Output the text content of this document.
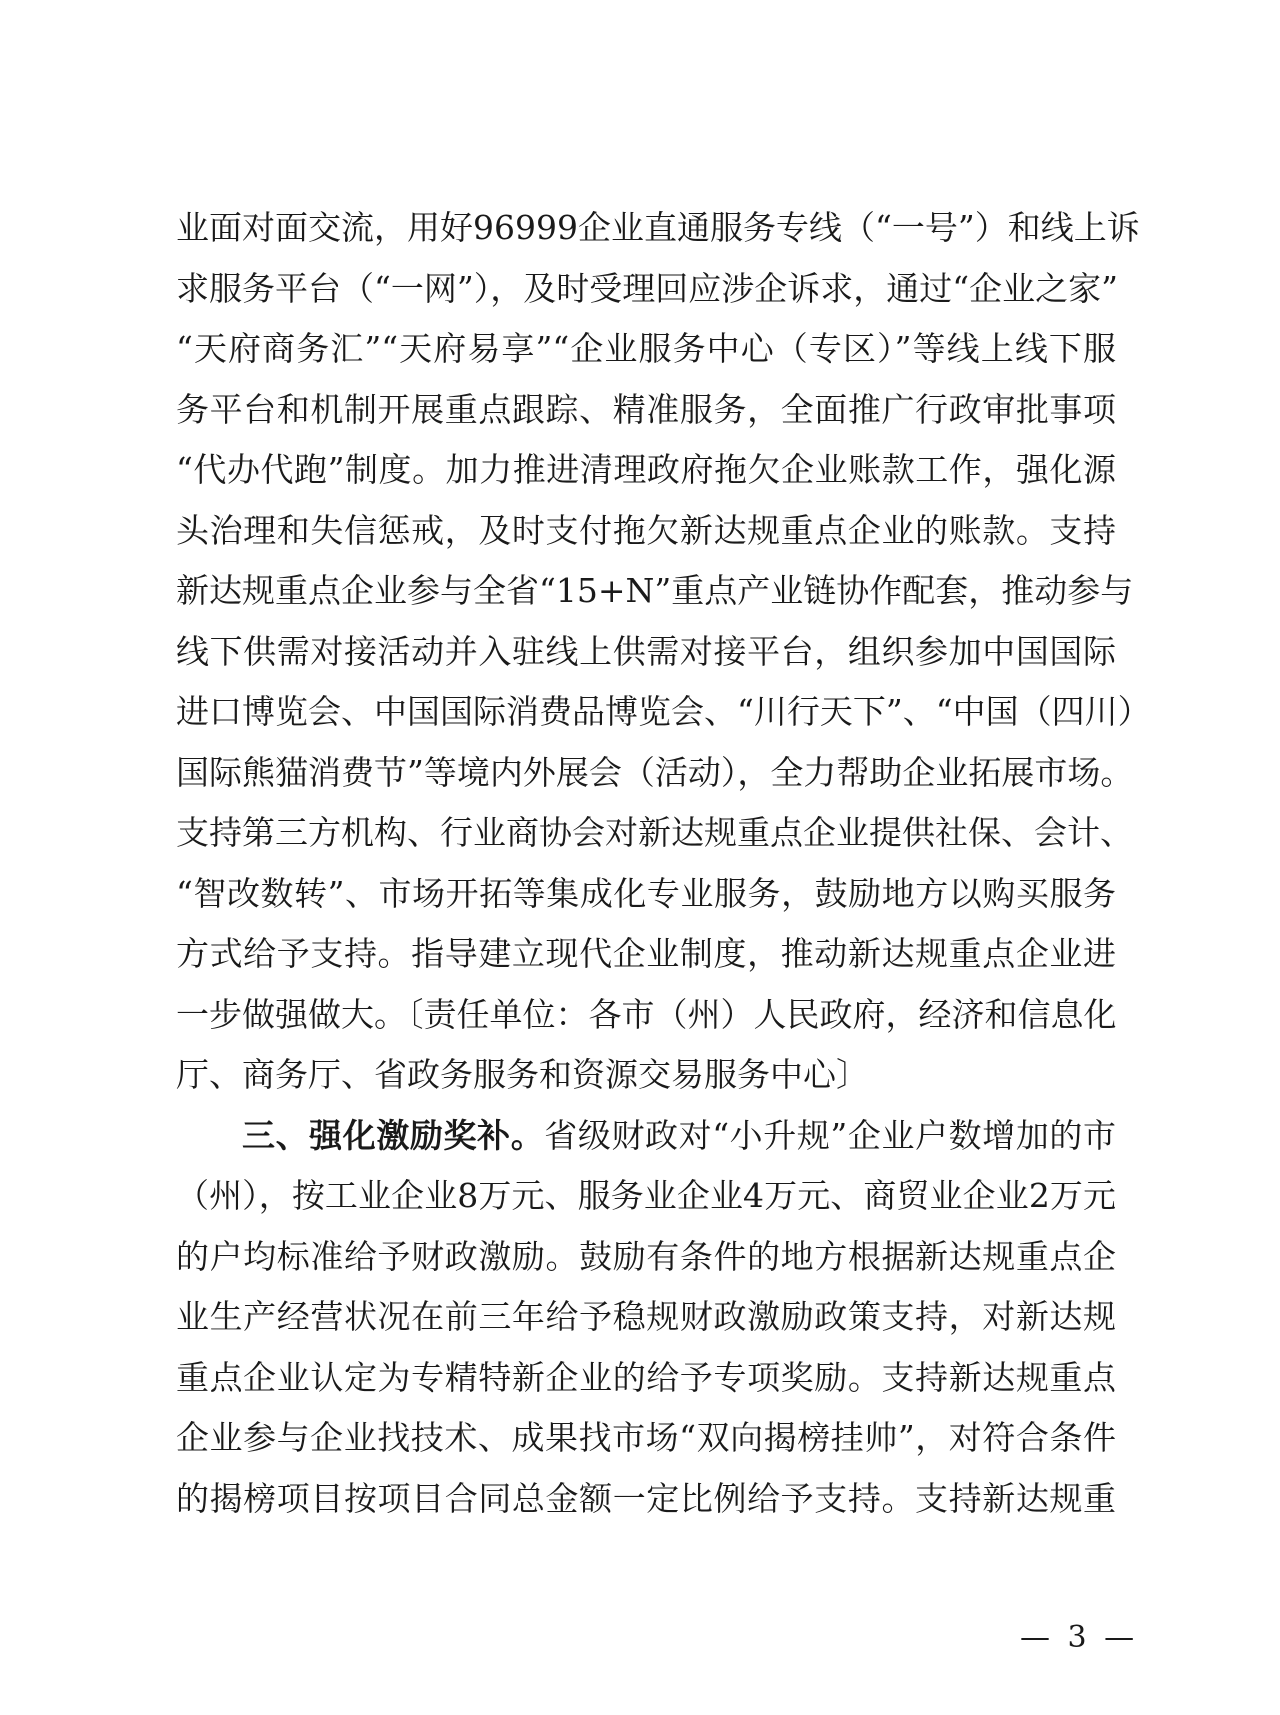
业面对面交流，用好96999企业直通服务专线（“一号”）和线上诉
求服务平台（“一网”），及时受理回应涉企诉求，通过“企业之家”
“天府商务汇”“天府易享”“企业服务中心（专区）”等线上线下服
务平台和机制开展重点跟踪、精准服务，全面推广行政审批事项
“代办代跑”制度。加力推进清理政府拖欠企业账款工作，强化源
头治理和失信惩戒，及时支付拖欠新达规重点企业的账款。支持
新达规重点企业参与全省“15+N”重点产业链协作配套，推动参与
线下供需对接活动并入驻线上供需对接平台，组织参加中国国际
进口博览会、中国国际消费品博览会、“川行天下”、“中国（四川）
国际熊猫消费节”等境内外展会（活动），全力帮助企业拓展市场。
支持第三方机构、行业商协会对新达规重点企业提供社保、会计、
“智改数转”、市场开拓等集成化专业服务，鼓励地方以购买服务
方式给予支持。指导建立现代企业制度，推动新达规重点企业进
一步做强做大。〔责任单位：各市（州）人民政府，经济和信息化
厅、商务厅、省政务服务和资源交易服务中心〕
三、强化激励奖补。省级财政对“小升规”企业户数增加的市
（州），按工业企业8万元、服务业企业4万元、商贸业企业2万元
的户均标准给予财政激励。鼓励有条件的地方根据新达规重点企
业生产经营状况在前三年给予稳规财政激励政策支持，对新达规
重点企业认定为专精特新企业的给予专项奖励。支持新达规重点
企业参与企业找技术、成果找市场“双向揭榜挂帅”，对符合条件
的揭榜项目按项目合同总金额一定比例给予支持。支持新达规重
— 3 —
